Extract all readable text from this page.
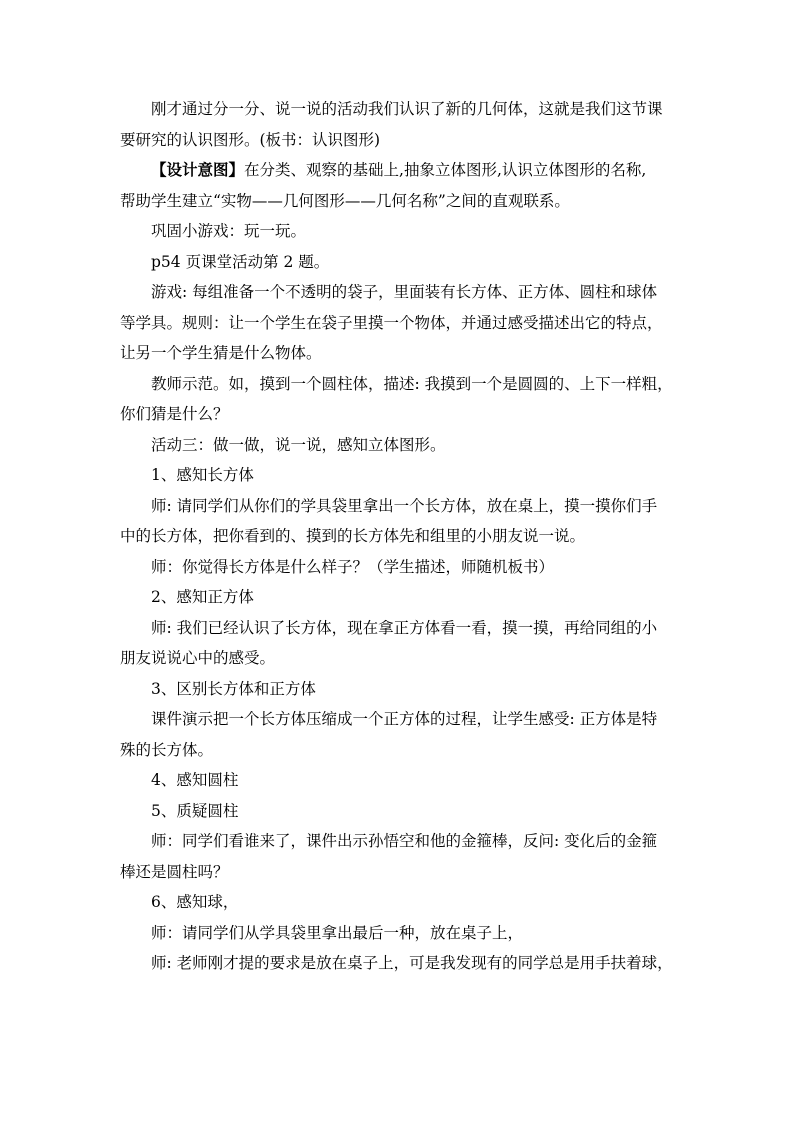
刚才通过分一分、说一说的活动我们认识了新的几何体，这就是我们这节课
要研究的认识图形。(板书：认识图形)

【设计意图】在分类、观察的基础上,抽象立体图形,认识立体图形的名称,
帮助学生建立“实物——几何图形——几何名称”之间的直观联系。

巩固小游戏：玩一玩。

p54 页课堂活动第 2 题。

游戏: 每组准备一个不透明的袋子，里面装有长方体、正方体、圆柱和球体
等学具。规则：让一个学生在袋子里摸一个物体，并通过感受描述出它的特点，
让另一个学生猜是什么物体。

教师示范。如，摸到一个圆柱体，描述: 我摸到一个是圆圆的、上下一样粗，
你们猜是什么？

活动三：做一做，说一说，感知立体图形。

1、感知长方体

师: 请同学们从你们的学具袋里拿出一个长方体，放在桌上，摸一摸你们手
中的长方体，把你看到的、摸到的长方体先和组里的小朋友说一说。

师：你觉得长方体是什么样子？（学生描述，师随机板书）

2、感知正方体

师: 我们已经认识了长方体，现在拿正方体看一看，摸一摸，再给同组的小
朋友说说心中的感受。

3、区别长方体和正方体

课件演示把一个长方体压缩成一个正方体的过程，让学生感受: 正方体是特
殊的长方体。

4、感知圆柱

5、质疑圆柱

师：同学们看谁来了，课件出示孙悟空和他的金箍棒，反问: 变化后的金箍
棒还是圆柱吗？

6、感知球，

师：请同学们从学具袋里拿出最后一种，放在桌子上，

师: 老师刚才提的要求是放在桌子上，可是我发现有的同学总是用手扶着球，
